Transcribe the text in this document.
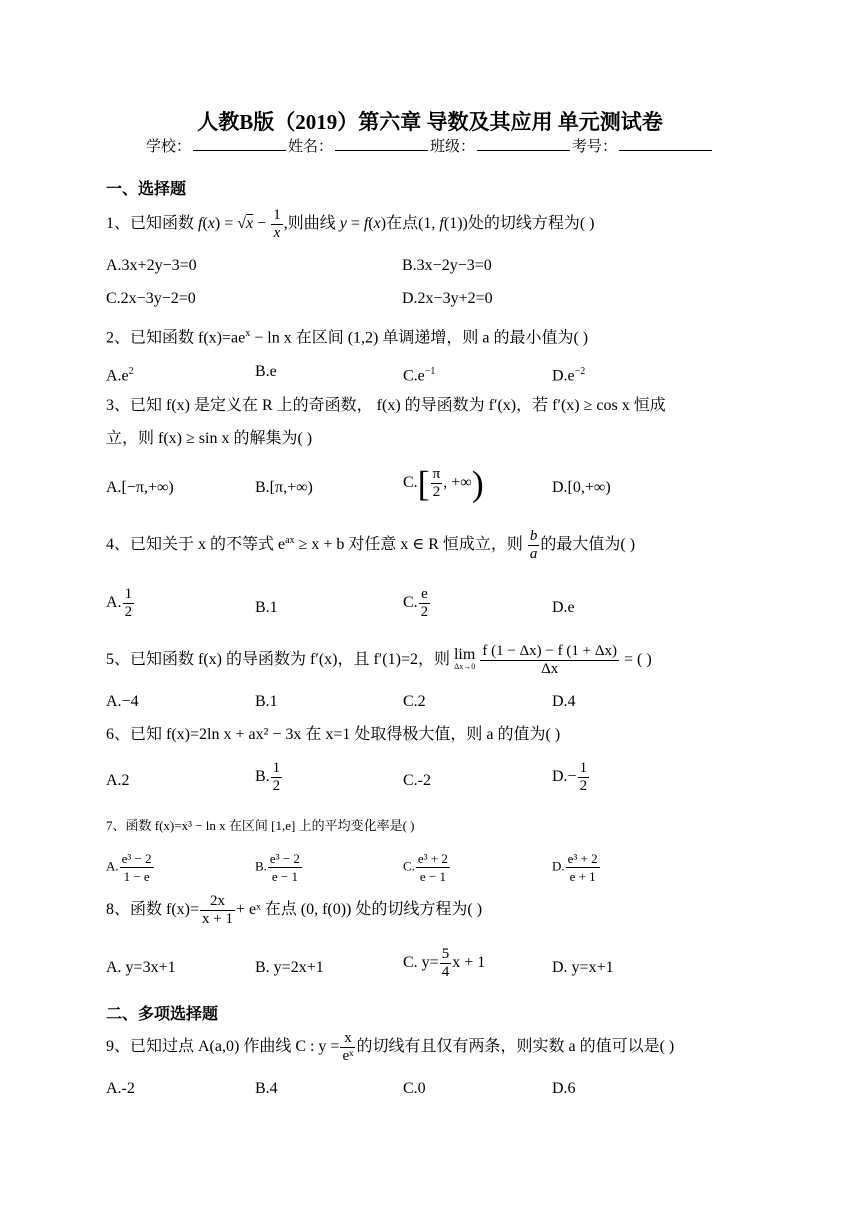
人教B版（2019）第六章 导数及其应用 单元测试卷
学校：	姓名：	班级：	考号：
一、选择题
1、已知函数 $f(x) = √x - \frac{1}{x}$ ,则曲线 y = f(x)在点(1, f(1))处的切线方程为( )
A.3x+2y−3=0	B.3x−2y−3=0
C.2x−3y−2=0	D.2x−3y+2=0
2、已知函数 $f(x)=ae^x - \ln x$ 在区间 (1,2) 单调递增，则 a 的最小值为( )
$A.e^2$	B.e	$C.e^{-1}$	$D.e^{-2}$
3、已知 f(x) 是定义在 R 上的奇函数， f(x) 的导函数为 f′(x)，若 f′(x) ≥ cos x 恒成
立，则 f(x) ≥ sin x 的解集为( )
A.[−π,+∞)	B.[π,+∞)	$C.[ \frac{\pi}{2}$ , +∞)	D.[0,+∞)
4、已知关于 x 的不等式 $e^{ax} \ge x + b$ 对任意 x ∈ R 恒成立，则 $\frac{b}{a}$ 的最大值为( )
A. $\frac{1}{2}$	B.1	C. $\frac{e}{2}$	D.e
5、已知函数 f(x) 的导函数为 f′(x)，且 f′(1)=2，则 lim
Δx→0
$\frac{f (1 - \Delta x) - f (1 + \Delta x)}{\Delta x}$ = ( )
A.−4	B.1	C.2	D.4
6、已知 f(x)=2ln x + ax² − 3x 在 x=1 处取得极大值，则 a 的值为( )
A.2	B. $\frac{1}{2}$	C.-2	$D.- \frac{1}{2}$
7、函数 f(x)=x³ − ln x 在区间 [1,e] 上的平均变化率是( )
A. $\frac{\text{e³ − 2}}{1 - e}$	B. $\frac{\text{e³ − 2}}{e - 1}$	C. $\frac{\text{e³ + 2}}{e - 1}$	D. $\frac{\text{e³ + 2}}{e + 1}$
8、函数 $f(x)= \frac{2x}{x + 1}$ + eˣ 在点 (0, f(0)) 处的切线方程为( )
A. y=3x+1	B. y=2x+1	C. $y= \frac{5}{4}$ x + 1	D. y=x+1
二、多项选择题
9、已知过点 A(a,0) 作曲线 C : $y = \frac{x}{\text{eˣ}}$ 的切线有且仅有两条，则实数 a 的值可以是( )
A.-2	B.4	C.0	D.6
